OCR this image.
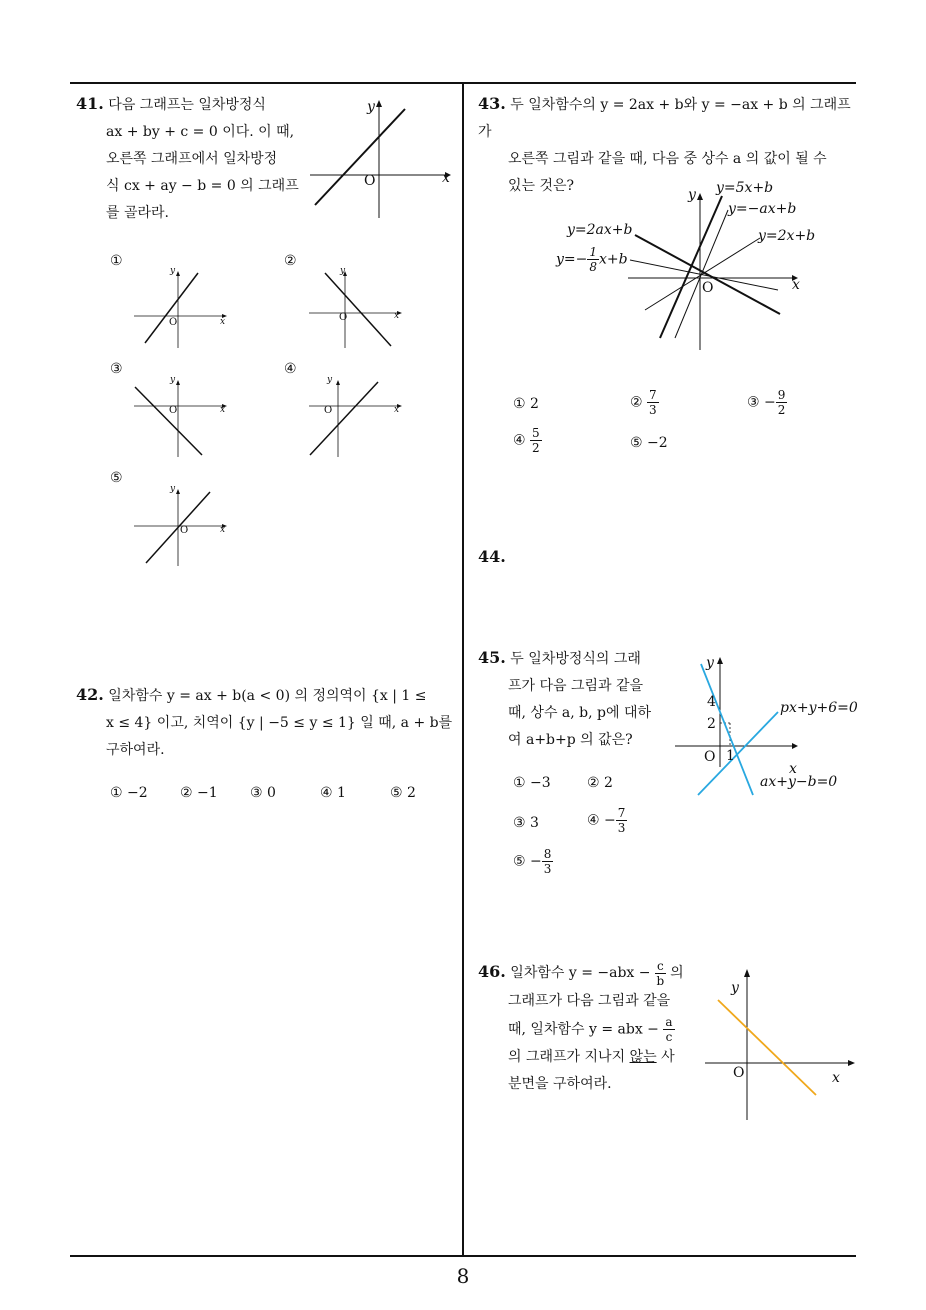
41. 다음 그래프는 일차방정식

ax + by + c = 0 이다. 이 때,

오른쪽 그래프에서 일차방정

식 cx + ay − b = 0 의 그래프

를 골라라.

y
x
O
①	②
③	④
⑤
y
x
O
y
x
O
y
x
O
y
x
O
y
x
O

42. 일차함수 y = ax + b(a < 0) 의 정의역이 {x | 1 ≤

x ≤ 4} 이고, 치역이 {y | −5 ≤ y ≤ 1} 일 때, a + b를

구하여라.

① −2 ② −1 ③ 0	④ 1	⑤ 2

43. 두 일차함수의 y = 2ax + b와 y = −ax + b 의 그래프가

오른쪽 그림과 같을 때, 다음 중 상수 a 의 값이 될 수

있는 것은?

y
x
O
y=5x+b
y=−ax+b
y=2x+b
y=2ax+b
$y=- \frac{1}{8} x+b$
① 2	② $\frac{7}{3}$	③ − $\frac{9}{2}$
④ $\frac{5}{2}$	⑤ −2

44.

45. 두 일차방정식의 그래

프가 다음 그림과 같을

때, 상수 a, b, p에 대하

여 a+b+p 의 값은?

y
x
O
4
2
1
px+y+6=0
ax+y−b=0
① −3	② 2
③ 3	④ − $\frac{7}{3}$
⑤ − $\frac{8}{3}$

46. 일차함수 $y = -abx - \frac{c}{b}$ 의

그래프가 다음 그림과 같을

때, 일차함수 y = abx − $\frac{a}{c}$

의 그래프가 지나지 않는 사

분면을 구하여라.

y
x
O
8
